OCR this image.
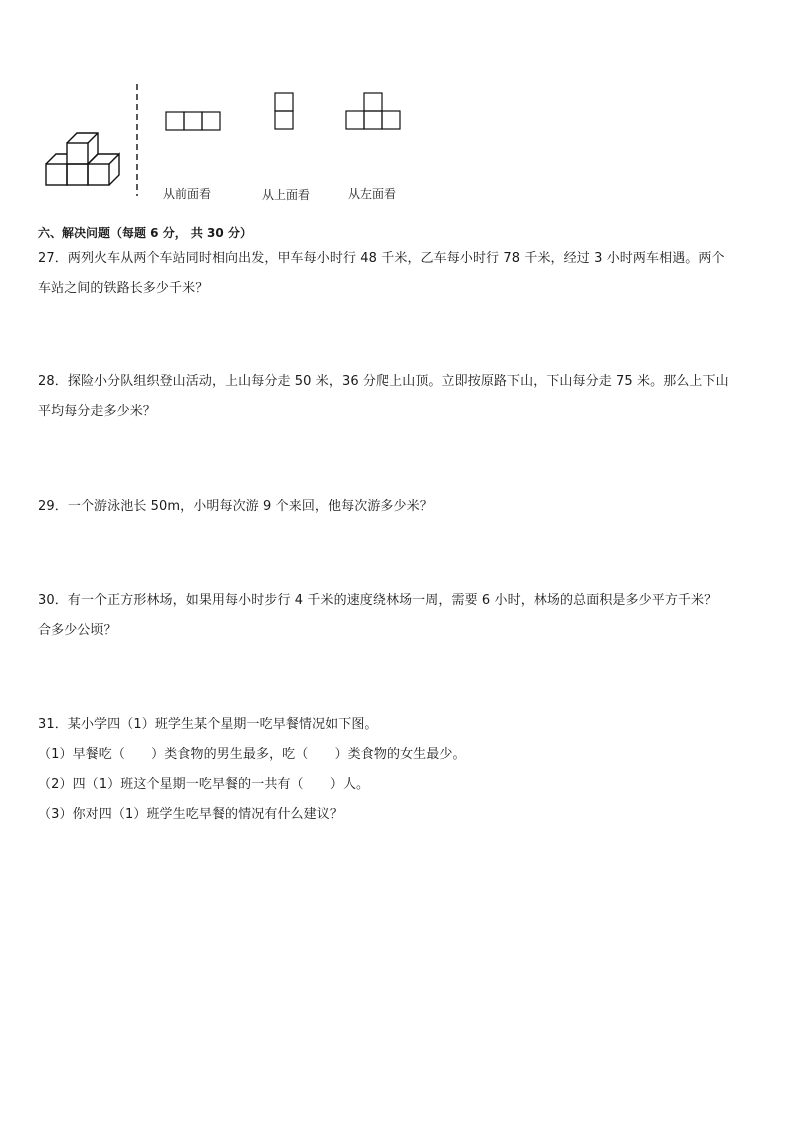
从前面看	从上面看	从左面看
六、解决问题（每题 6 分， 共 30 分）

27．两列火车从两个车站同时相向出发，甲车每小时行 48 千米，乙车每小时行 78 千米，经过 3 小时两车相遇。两个

车站之间的铁路长多少千米？

28．探险小分队组织登山活动，上山每分走 50 米，36 分爬上山顶。立即按原路下山，下山每分走 75 米。那么上下山

平均每分走多少米？

29．一个游泳池长 50m，小明每次游 9 个来回，他每次游多少米？

30．有一个正方形林场，如果用每小时步行 4 千米的速度绕林场一周，需要 6 小时，林场的总面积是多少平方千米？

合多少公顷？

31．某小学四（1）班学生某个星期一吃早餐情况如下图。

（1）早餐吃（　　）类食物的男生最多，吃（　　）类食物的女生最少。

（2）四（1）班这个星期一吃早餐的一共有（　　）人。

（3）你对四（1）班学生吃早餐的情况有什么建议？
